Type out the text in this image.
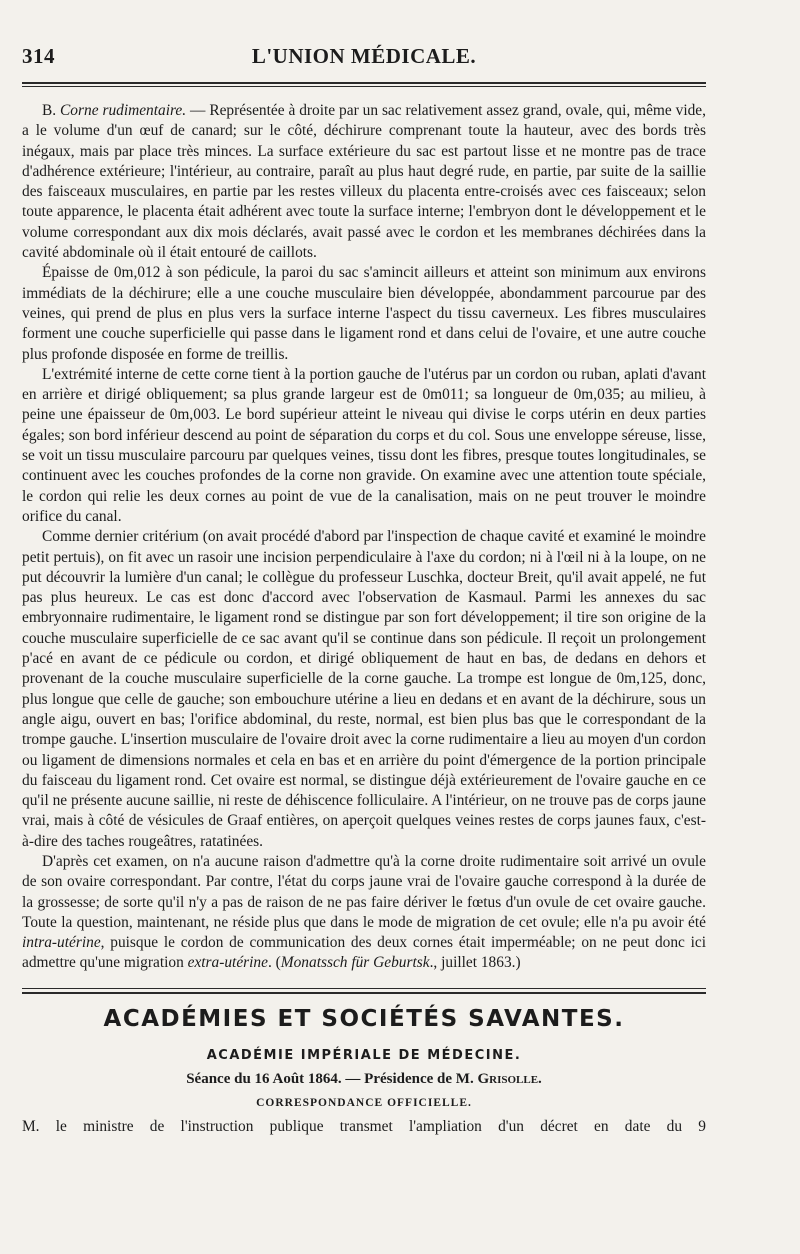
314	L'UNION MÉDICALE.

B. Corne rudimentaire. — Représentée à droite par un sac relativement assez grand, ovale, qui, même vide, a le volume d'un œuf de canard; sur le côté, déchirure comprenant toute la hauteur, avec des bords très inégaux, mais par place très minces. La surface extérieure du sac est partout lisse et ne montre pas de trace d'adhérence extérieure; l'intérieur, au contraire, paraît au plus haut degré rude, en partie, par suite de la saillie des faisceaux musculaires, en partie par les restes villeux du placenta entre-croisés avec ces faisceaux; selon toute apparence, le placenta était adhérent avec toute la surface interne; l'embryon dont le développement et le volume correspondant aux dix mois déclarés, avait passé avec le cordon et les membranes déchirées dans la cavité abdominale où il était entouré de caillots.

Épaisse de 0m,012 à son pédicule, la paroi du sac s'amincit ailleurs et atteint son minimum aux environs immédiats de la déchirure; elle a une couche musculaire bien développée, abondamment parcourue par des veines, qui prend de plus en plus vers la surface interne l'aspect du tissu caverneux. Les fibres musculaires forment une couche superficielle qui passe dans le ligament rond et dans celui de l'ovaire, et une autre couche plus profonde disposée en forme de treillis.

L'extrémité interne de cette corne tient à la portion gauche de l'utérus par un cordon ou ruban, aplati d'avant en arrière et dirigé obliquement; sa plus grande largeur est de 0m011; sa longueur de 0m,035; au milieu, à peine une épaisseur de 0m,003. Le bord supérieur atteint le niveau qui divise le corps utérin en deux parties égales; son bord inférieur descend au point de séparation du corps et du col. Sous une enveloppe séreuse, lisse, se voit un tissu musculaire parcouru par quelques veines, tissu dont les fibres, presque toutes longitudinales, se continuent avec les couches profondes de la corne non gravide. On examine avec une attention toute spéciale, le cordon qui relie les deux cornes au point de vue de la canalisation, mais on ne peut trouver le moindre orifice du canal.

Comme dernier critérium (on avait procédé d'abord par l'inspection de chaque cavité et examiné le moindre petit pertuis), on fit avec un rasoir une incision perpendiculaire à l'axe du cordon; ni à l'œil ni à la loupe, on ne put découvrir la lumière d'un canal; le collègue du professeur Luschka, docteur Breit, qu'il avait appelé, ne fut pas plus heureux. Le cas est donc d'accord avec l'observation de Kasmaul. Parmi les annexes du sac embryonnaire rudimentaire, le ligament rond se distingue par son fort développement; il tire son origine de la couche musculaire superficielle de ce sac avant qu'il se continue dans son pédicule. Il reçoit un prolongement p'acé en avant de ce pédicule ou cordon, et dirigé obliquement de haut en bas, de dedans en dehors et provenant de la couche musculaire superficielle de la corne gauche. La trompe est longue de 0m,125, donc, plus longue que celle de gauche; son embouchure utérine a lieu en dedans et en avant de la déchirure, sous un angle aigu, ouvert en bas; l'orifice abdominal, du reste, normal, est bien plus bas que le correspondant de la trompe gauche. L'insertion musculaire de l'ovaire droit avec la corne rudimentaire a lieu au moyen d'un cordon ou ligament de dimensions normales et cela en bas et en arrière du point d'émergence de la portion principale du faisceau du ligament rond. Cet ovaire est normal, se distingue déjà extérieurement de l'ovaire gauche en ce qu'il ne présente aucune saillie, ni reste de déhiscence folliculaire. A l'intérieur, on ne trouve pas de corps jaune vrai, mais à côté de vésicules de Graaf entières, on aperçoit quelques veines restes de corps jaunes faux, c'est-à-dire des taches rougeâtres, ratatinées.

D'après cet examen, on n'a aucune raison d'admettre qu'à la corne droite rudimentaire soit arrivé un ovule de son ovaire correspondant. Par contre, l'état du corps jaune vrai de l'ovaire gauche correspond à la durée de la grossesse; de sorte qu'il n'y a pas de raison de ne pas faire dériver le fœtus d'un ovule de cet ovaire gauche. Toute la question, maintenant, ne réside plus que dans le mode de migration de cet ovule; elle n'a pu avoir été intra-utérine, puisque le cordon de communication des deux cornes était imperméable; on ne peut donc ici admettre qu'une migration extra-utérine. (Monatssch für Geburtsk., juillet 1863.)

ACADÉMIES ET SOCIÉTÉS SAVANTES.
ACADÉMIE IMPÉRIALE DE MÉDECINE.
Séance du 16 Août 1864. — Présidence de M. Grisolle.
CORRESPONDANCE OFFICIELLE.
M. le ministre de l'instruction publique transmet l'ampliation d'un décret en date du 9
